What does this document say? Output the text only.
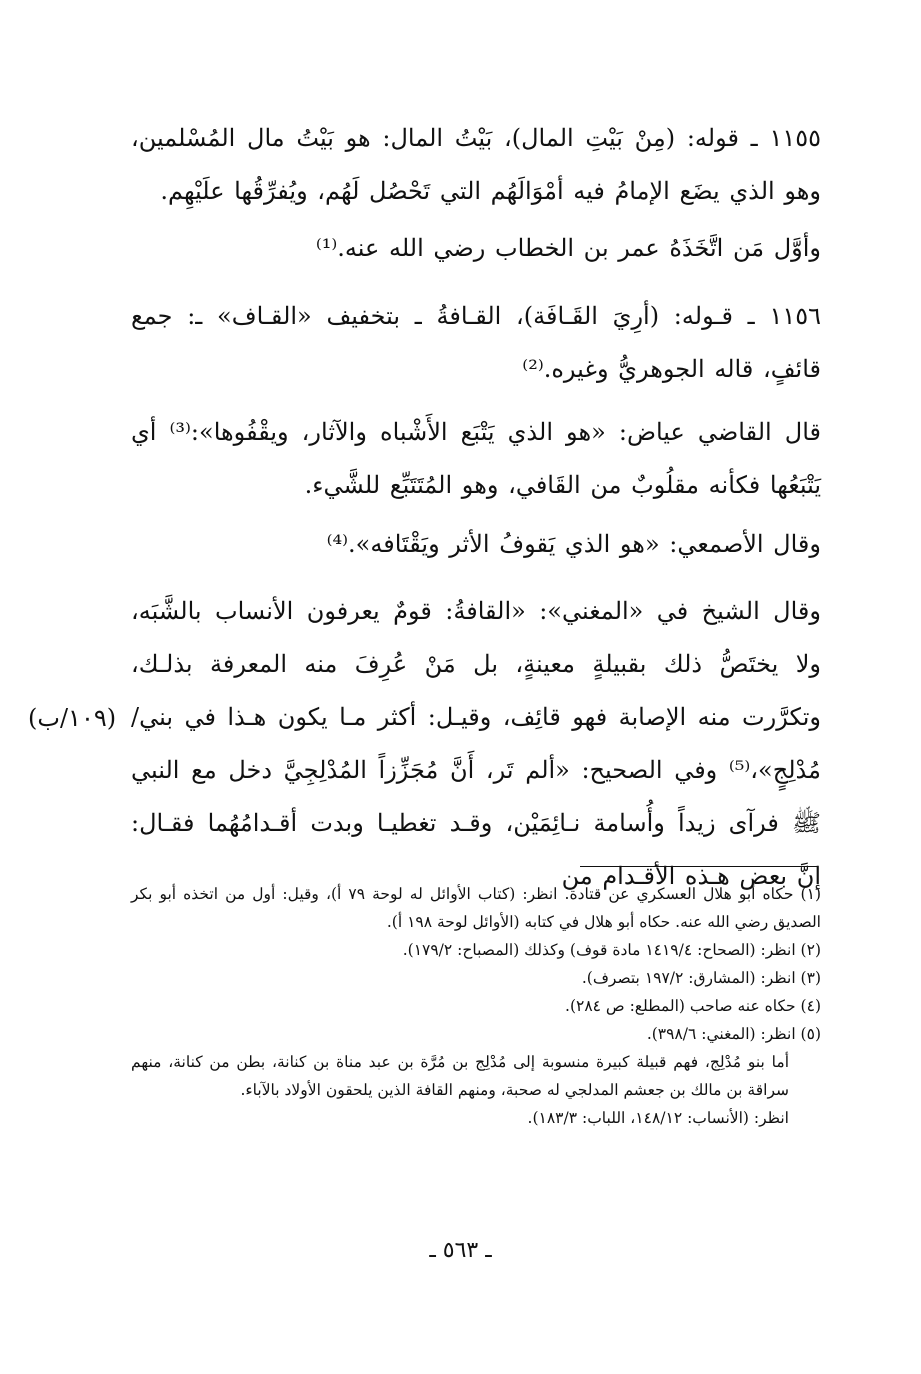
١١٥٥ ـ قوله: (مِنْ بَيْتِ المال)، بَيْتُ المال: هو بَيْتُ مال المُسْلمين، وهو الذي يضَع الإمامُ فيه أمْوَالَهُم التي تَحْصُل لَهُم، ويُفرِّقُها علَيْهِم.

وأوَّل مَن اتَّخَذَهُ عمر بن الخطاب رضي الله عنه.⁽¹⁾

١١٥٦ ـ قـوله: (أرِيَ القَـافَة)، القـافةُ ـ بتخفيف «القـاف» ـ: جمع قائفٍ، قاله الجوهريُّ وغيره.⁽²⁾

قال القاضي عياض: «هو الذي يَتْبَع الأَشْباه والآثار، ويقْفُوها»:⁽³⁾ أي يَتْبَعُها فكأنه مقلُوبٌ من القَافي، وهو المُتَتَبِّع للشَّيء.

وقال الأصمعي: «هو الذي يَقوفُ الأثر ويَقْتَافه».⁽⁴⁾

وقال الشيخ في «المغني»: «القافةُ: قومٌ يعرفون الأنساب بالشَّبَه، ولا يختَصُّ ذلك بقبيلةٍ معينةٍ، بل مَنْ عُرِفَ منه المعرفة بذلـك، وتكرَّرت منه الإصابة فهو قائِف، وقيـل: أكثر مـا يكون هـذا في بني/مُدْلِجٍ»،⁽⁵⁾ وفي الصحيح: «ألم تَر، أَنَّ مُجَزِّزاً المُدْلِجِيَّ دخل مع النبي ﷺ فرآى زيداً وأُسامة نـائِمَيْن، وقـد تغطيـا وبدت أقـدامُهُما فقـال: إنَّ بعض هـذه الأقـدام من

(١٠٩/ب)

(١) حكاه أبو هلال العسكري عن قتادة. انظر: (كتاب الأوائل له لوحة ٧٩ أ)، وقيل: أول من اتخذه أبو بكر الصديق رضي الله عنه. حكاه أبو هلال في كتابه (الأوائل لوحة ١٩٨ أ).

(٢) انظر: (الصحاح: ١٤١٩/٤ مادة قوف) وكذلك (المصباح: ١٧٩/٢).

(٣) انظر: (المشارق: ١٩٧/٢ بتصرف).

(٤) حكاه عنه صاحب (المطلع: ص ٢٨٤).

(٥) انظر: (المغني: ٣٩٨/٦).

أما بنو مُدْلِج، فهم قبيلة كبيرة منسوبة إلى مُدْلِج بن مُرَّة بن عبد مناة بن كنانة، بطن من كنانة، منهم سراقة بن مالك بن جعشم المدلجي له صحبة، ومنهم القافة الذين يلحقون الأولاد بالآباء.

انظر: (الأنساب: ١٤٨/١٢، اللباب: ١٨٣/٣).

ـ ٥٦٣ ـ
